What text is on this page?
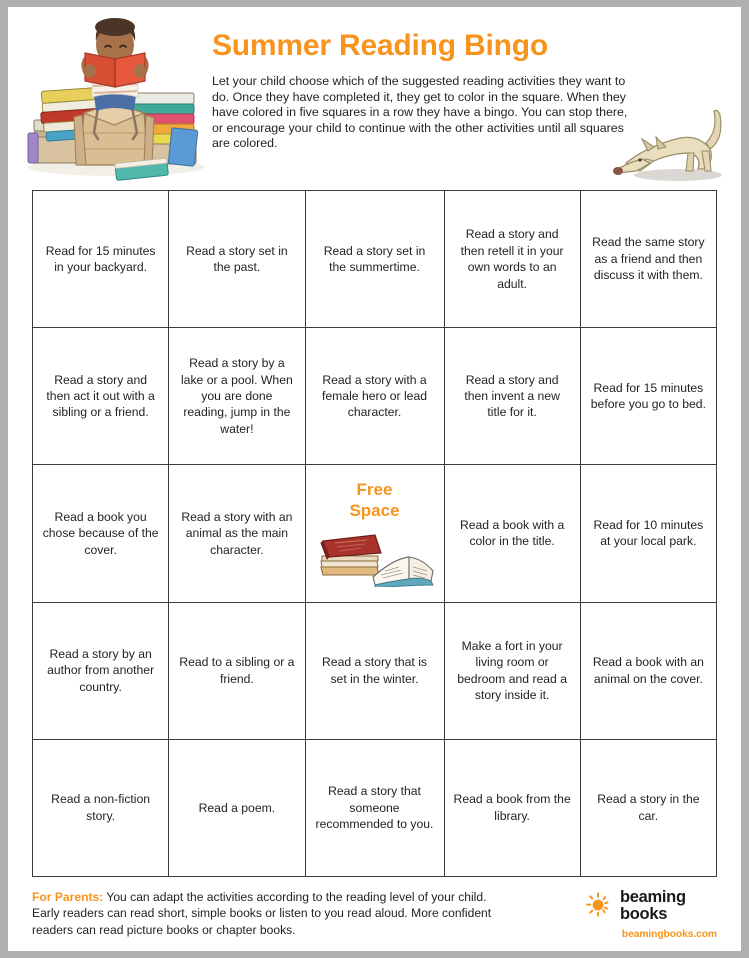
Summer Reading Bingo
Let your child choose which of the suggested reading activities they want to do. Once they have completed it, they get to color in the square. When they have colored in five squares in a row they have a bingo. You can stop there, or encourage your child to continue with the other activities until all squares are colored.
Read for 15 minutes in your backyard.
Read a story set in the past.
Read a story set in the summertime.
Read a story and then retell it in your own words to an adult.
Read the same story as a friend and then discuss it with them.
Read a story and then act it out with a sibling or a friend.
Read a story by a lake or a pool. When you are done reading, jump in the water!
Read a story with a female hero or lead character.
Read a story and then invent a new title for it.
Read for 15 minutes before you go to bed.
Read a book you chose because of the cover.
Read a story with an animal as the main character.
Free
Space
Read a book with a color in the title.
Read for 10 minutes at your local park.
Read a story by an author from another country.
Read to a sibling or a friend.
Read a story that is set in the winter.
Make a fort in your living room or bedroom and read a story inside it.
Read a book with an animal on the cover.
Read a non-fiction story.
Read a poem.
Read a story that someone recommended to you.
Read a book from the library.
Read a story in the car.
For Parents: You can adapt the activities according to the reading level of your child. Early readers can read short, simple books or listen to you read aloud. More confident readers can read picture books or chapter books.
beaming
books
beamingbooks.com
